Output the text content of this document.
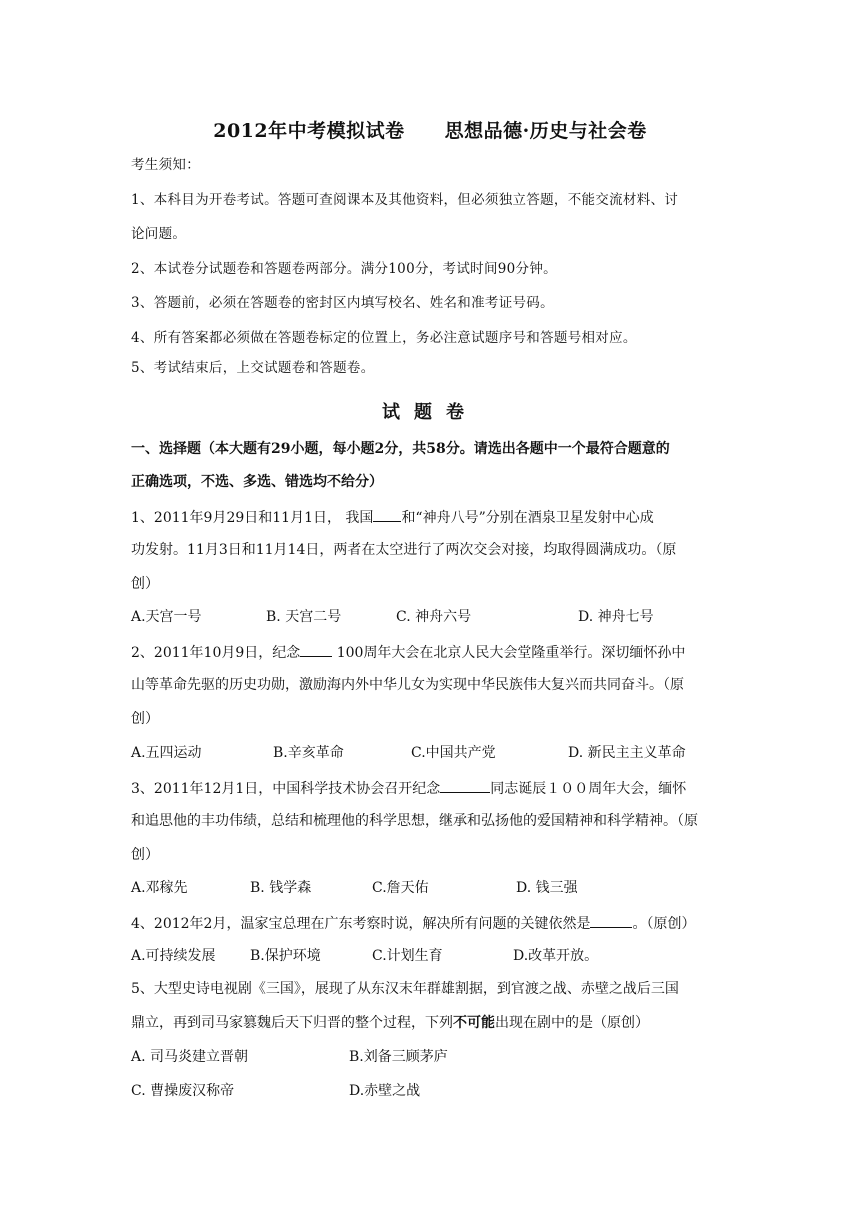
2012年中考模拟试卷 思想品德·历史与社会卷
考生须知：
1、本科目为开卷考试。答题可查阅课本及其他资料，但必须独立答题，不能交流材料、讨
论问题。
2、本试卷分试题卷和答题卷两部分。满分100分，考试时间90分钟。
3、答题前，必须在答题卷的密封区内填写校名、姓名和准考证号码。
4、所有答案都必须做在答题卷标定的位置上，务必注意试题序号和答题号相对应。
5、考试结束后，上交试题卷和答题卷。
试题卷
一、选择题（本大题有29小题，每小题2分，共58分。请选出各题中一个最符合题意的
正确选项，不选、多选、错选均不给分）
1、2011年9月29日和11月1日， 我国 和“神舟八号”分别在酒泉卫星发射中心成
功发射。11月3日和11月14日，两者在太空进行了两次交会对接，均取得圆满成功。（原
创）
A.天宫一号	B. 天宫二号	C. 神舟六号	D. 神舟七号
2、2011年10月9日，纪念 100周年大会在北京人民大会堂隆重举行。深切缅怀孙中
山等革命先驱的历史功勋，激励海内外中华儿女为实现中华民族伟大复兴而共同奋斗。（原
创）
A.五四运动	B.辛亥革命	C.中国共产党	D. 新民主主义革命
3、2011年12月1日，中国科学技术协会召开纪念	同志诞辰１００周年大会，缅怀
和追思他的丰功伟绩，总结和梳理他的科学思想，继承和弘扬他的爱国精神和科学精神。（原
创）
A.邓稼先	B. 钱学森	C.詹天佑	D. 钱三强
4、2012年2月，温家宝总理在广东考察时说，解决所有问题的关键依然是	。（原创）
A.可持续发展 B.保护环境	C.计划生育	D.改革开放。
5、大型史诗电视剧《三国》，展现了从东汉末年群雄割据，到官渡之战、赤壁之战后三国
鼎立，再到司马家篡魏后天下归晋的整个过程，下列不可能出现在剧中的是（原创）
A. 司马炎建立晋朝	B.刘备三顾茅庐
C. 曹操废汉称帝	D.赤壁之战
